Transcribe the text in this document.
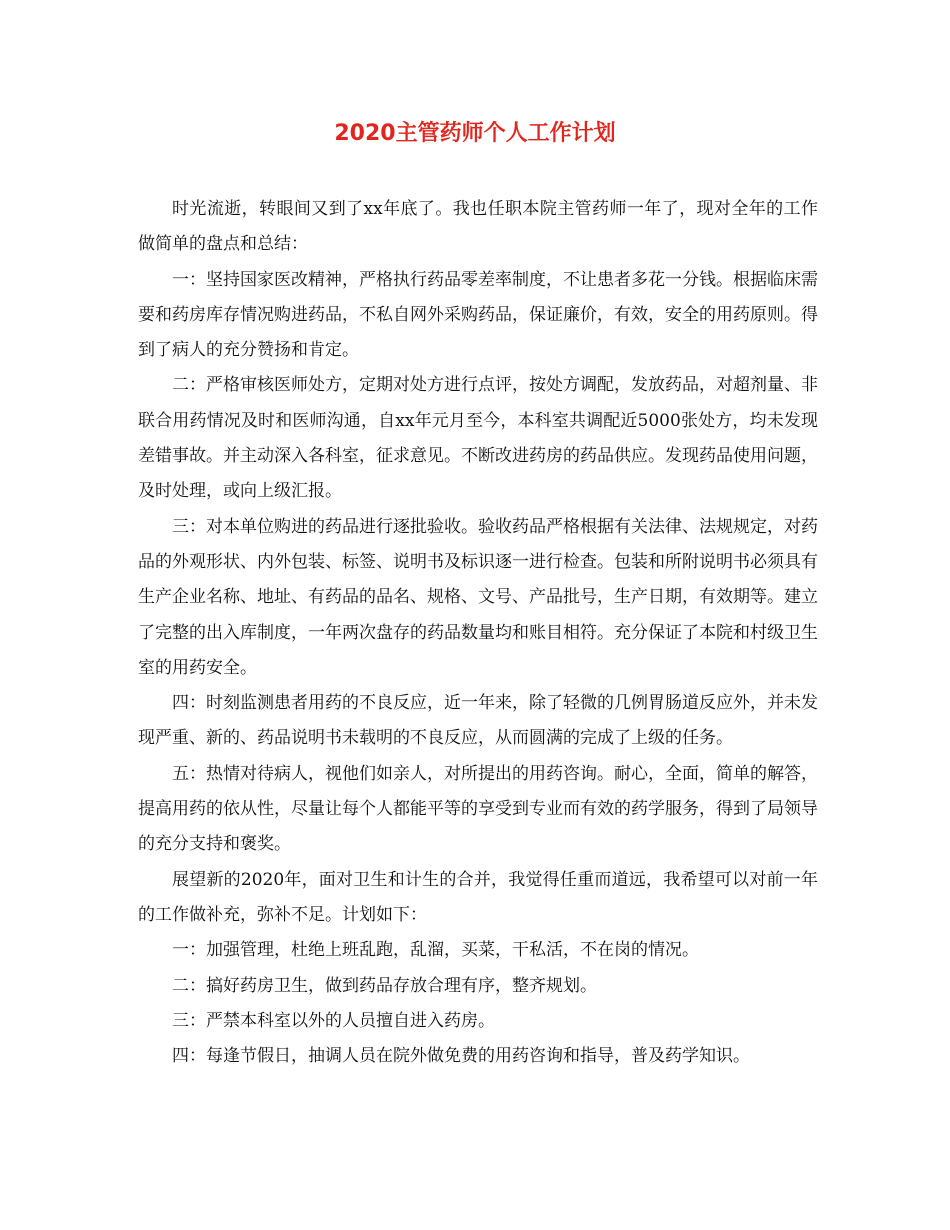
2020主管药师个人工作计划

时光流逝，转眼间又到了xx年底了。我也任职本院主管药师一年了，现对全年的工作做简单的盘点和总结：

一：坚持国家医改精神，严格执行药品零差率制度，不让患者多花一分钱。根据临床需要和药房库存情况购进药品，不私自网外采购药品，保证廉价，有效，安全的用药原则。得到了病人的充分赞扬和肯定。

二：严格审核医师处方，定期对处方进行点评，按处方调配，发放药品，对超剂量、非联合用药情况及时和医师沟通，自xx年元月至今，本科室共调配近5000张处方，均未发现差错事故。并主动深入各科室，征求意见。不断改进药房的药品供应。发现药品使用问题，及时处理，或向上级汇报。

三：对本单位购进的药品进行逐批验收。验收药品严格根据有关法律、法规规定，对药品的外观形状、内外包装、标签、说明书及标识逐一进行检查。包装和所附说明书必须具有生产企业名称、地址、有药品的品名、规格、文号、产品批号，生产日期，有效期等。建立了完整的出入库制度，一年两次盘存的药品数量均和账目相符。充分保证了本院和村级卫生室的用药安全。

四：时刻监测患者用药的不良反应，近一年来，除了轻微的几例胃肠道反应外，并未发现严重、新的、药品说明书未载明的不良反应，从而圆满的完成了上级的任务。

五：热情对待病人，视他们如亲人，对所提出的用药咨询。耐心，全面，简单的解答，提高用药的依从性，尽量让每个人都能平等的享受到专业而有效的药学服务，得到了局领导的充分支持和褒奖。

展望新的2020年，面对卫生和计生的合并，我觉得任重而道远，我希望可以对前一年的工作做补充，弥补不足。计划如下：

一：加强管理，杜绝上班乱跑，乱溜，买菜，干私活，不在岗的情况。

二：搞好药房卫生，做到药品存放合理有序，整齐规划。

三：严禁本科室以外的人员擅自进入药房。

四：每逢节假日，抽调人员在院外做免费的用药咨询和指导，普及药学知识。
